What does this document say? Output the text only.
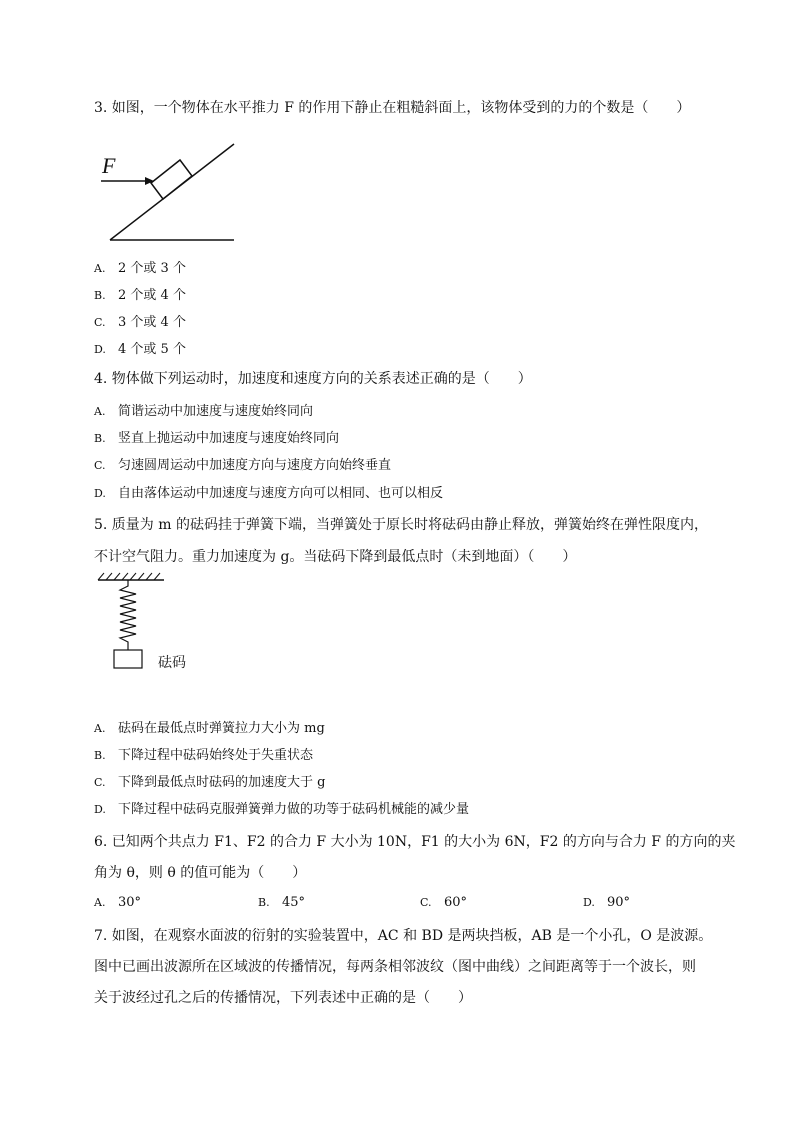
3. 如图，一个物体在水平推力 F 的作用下静止在粗糙斜面上，该物体受到的力的个数是（　　）
F
A. 2 个或 3 个
B. 2 个或 4 个
C. 3 个或 4 个
D. 4 个或 5 个
4. 物体做下列运动时，加速度和速度方向的关系表述正确的是（　　）
A. 简谐运动中加速度与速度始终同向
B. 竖直上抛运动中加速度与速度始终同向
C. 匀速圆周运动中加速度方向与速度方向始终垂直
D. 自由落体运动中加速度与速度方向可以相同、也可以相反
5. 质量为 m 的砝码挂于弹簧下端，当弹簧处于原长时将砝码由静止释放，弹簧始终在弹性限度内，
不计空气阻力。重力加速度为 g。当砝码下降到最低点时（未到地面）（　　）
砝码
A. 砝码在最低点时弹簧拉力大小为 mg
B. 下降过程中砝码始终处于失重状态
C. 下降到最低点时砝码的加速度大于 g
D. 下降过程中砝码克服弹簧弹力做的功等于砝码机械能的减少量
6. 已知两个共点力 F1、F2 的合力 F 大小为 10N，F1 的大小为 6N，F2 的方向与合力 F 的方向的夹
角为 θ，则 θ 的值可能为（　　）
A. 30°	B. 45°	C. 60°	D. 90°
7. 如图，在观察水面波的衍射的实验装置中，AC 和 BD 是两块挡板，AB 是一个小孔，O 是波源。
图中已画出波源所在区域波的传播情况，每两条相邻波纹（图中曲线）之间距离等于一个波长，则
关于波经过孔之后的传播情况，下列表述中正确的是（　　）
